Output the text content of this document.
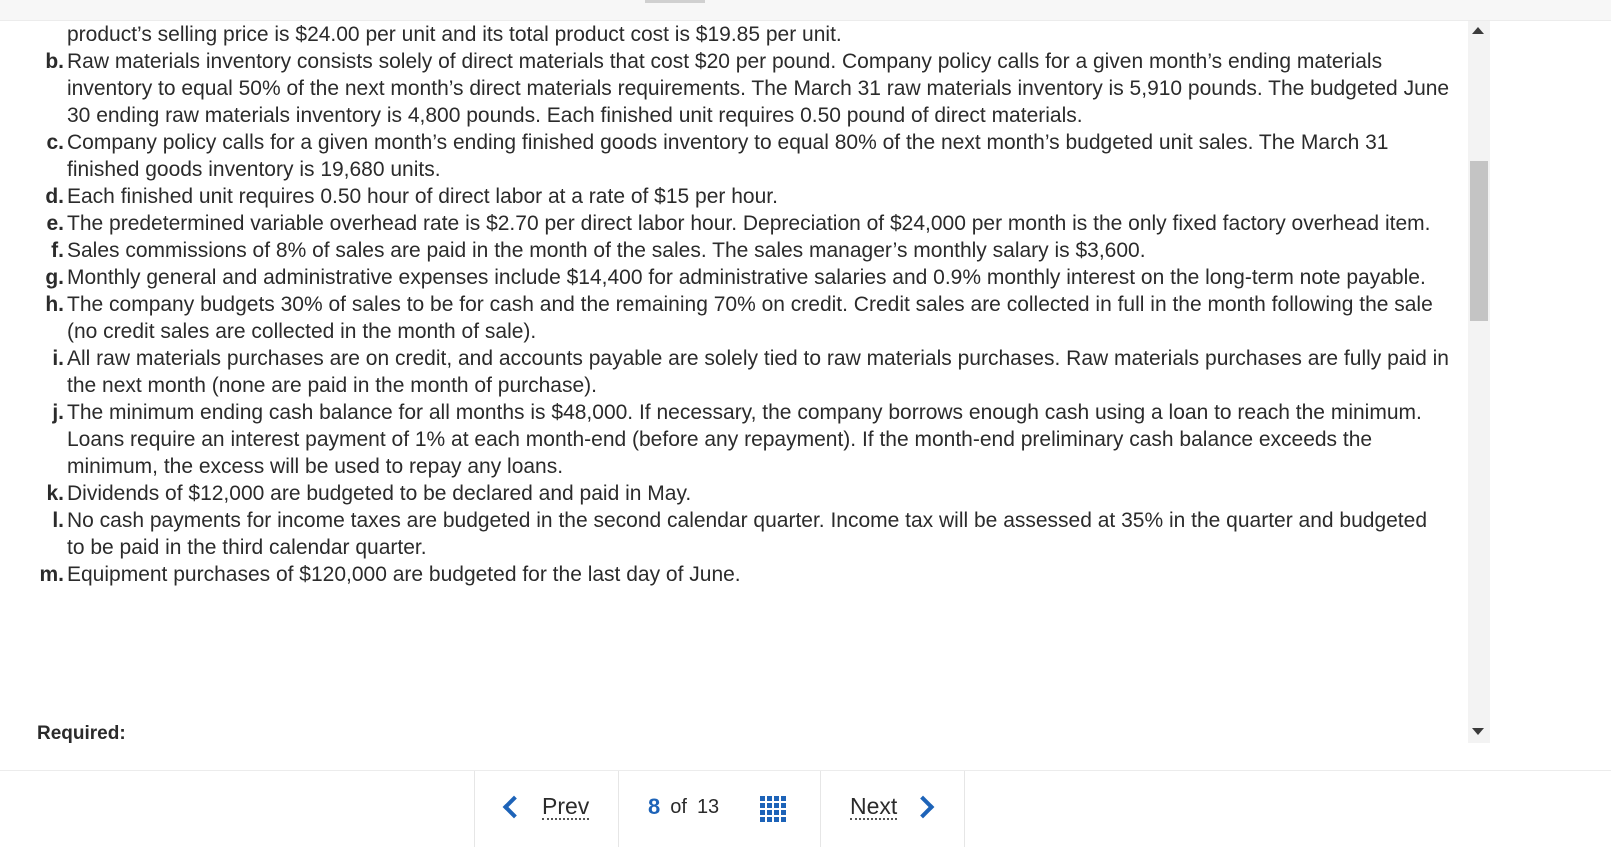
product’s selling price is $24.00 per unit and its total product cost is $19.85 per unit.
b. Raw materials inventory consists solely of direct materials that cost $20 per pound. Company policy calls for a given month’s ending materials inventory to equal 50% of the next month’s direct materials requirements. The March 31 raw materials inventory is 5,910 pounds. The budgeted June 30 ending raw materials inventory is 4,800 pounds. Each finished unit requires 0.50 pound of direct materials.
c. Company policy calls for a given month’s ending finished goods inventory to equal 80% of the next month’s budgeted unit sales. The March 31 finished goods inventory is 19,680 units.
d. Each finished unit requires 0.50 hour of direct labor at a rate of $15 per hour.
e. The predetermined variable overhead rate is $2.70 per direct labor hour. Depreciation of $24,000 per month is the only fixed factory overhead item.
f. Sales commissions of 8% of sales are paid in the month of the sales. The sales manager’s monthly salary is $3,600.
g. Monthly general and administrative expenses include $14,400 for administrative salaries and 0.9% monthly interest on the long-term note payable.
h. The company budgets 30% of sales to be for cash and the remaining 70% on credit. Credit sales are collected in full in the month following the sale (no credit sales are collected in the month of sale).
i. All raw materials purchases are on credit, and accounts payable are solely tied to raw materials purchases. Raw materials purchases are fully paid in the next month (none are paid in the month of purchase).
j. The minimum ending cash balance for all months is $48,000. If necessary, the company borrows enough cash using a loan to reach the minimum. Loans require an interest payment of 1% at each month-end (before any repayment). If the month-end preliminary cash balance exceeds the minimum, the excess will be used to repay any loans.
k. Dividends of $12,000 are budgeted to be declared and paid in May.
l. No cash payments for income taxes are budgeted in the second calendar quarter. Income tax will be assessed at 35% in the quarter and budgeted to be paid in the third calendar quarter.
m. Equipment purchases of $120,000 are budgeted for the last day of June.
Required:
Prev	8 of 13	Next
